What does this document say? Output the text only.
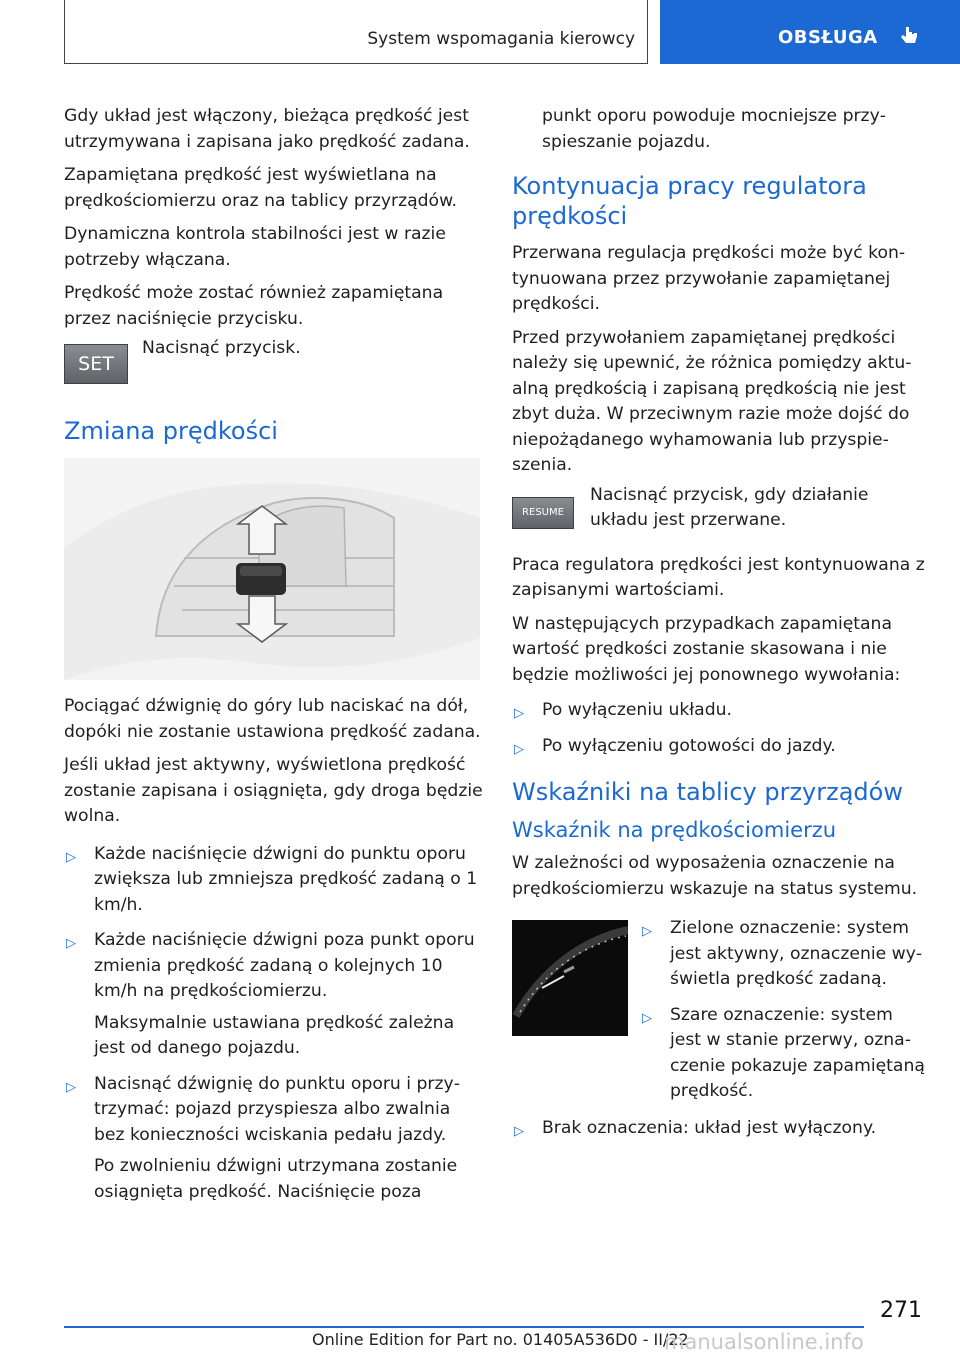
System wspomagania kierowcy	OBSŁUGA

Gdy układ jest włączony, bieżąca prędkość jest utrzymywana i zapisana jako prędkość zadana.

Zapamiętana prędkość jest wyświetlana na prędkościomierzu oraz na tablicy przyrządów.

Dynamiczna kontrola stabilności jest w razie potrzeby włączana.

Prędkość może zostać również zapamiętana przez naciśnięcie przycisku.

SET

Nacisnąć przycisk.

Zmiana prędkości

Pociągać dźwignię do góry lub naciskać na dół, dopóki nie zostanie ustawiona prędkość zadana.

Jeśli układ jest aktywny, wyświetlona prędkość zostanie zapisana i osiągnięta, gdy droga będzie wolna.

▷ Każde naciśnięcie dźwigni do punktu oporu zwiększa lub zmniejsza prędkość zadaną o 1 km/h.

▷ Każde naciśnięcie dźwigni poza punkt oporu zmienia prędkość zadaną o kolejnych 10 km/h na prędkościomierzu.

Maksymalnie ustawiana prędkość zależna jest od danego pojazdu.

▷ Nacisnąć dźwignię do punktu oporu i przytrzymać: pojazd przyspiesza albo zwalnia bez konieczności wciskania pedału jazdy.

Po zwolnieniu dźwigni utrzymana zostanie osiągnięta prędkość. Naciśnięcie poza

punkt oporu powoduje mocniejsze przyspieszanie pojazdu.

Kontynuacja pracy regulatora prędkości

Przerwana regulacja prędkości może być kontynuowana przez przywołanie zapamiętanej prędkości.

Przed przywołaniem zapamiętanej prędkości należy się upewnić, że różnica pomiędzy aktualną prędkością i zapisaną prędkością nie jest zbyt duża. W przeciwnym razie może dojść do niepożądanego wyhamowania lub przyspieszenia.

RESUME

Nacisnąć przycisk, gdy działanie układu jest przerwane.

Praca regulatora prędkości jest kontynuowana z zapisanymi wartościami.

W następujących przypadkach zapamiętana wartość prędkości zostanie skasowana i nie będzie możliwości jej ponownego wywołania:

▷ Po wyłączeniu układu.
▷ Po wyłączeniu gotowości do jazdy.
Wskaźniki na tablicy przyrządów
Wskaźnik na prędkościomierzu

W zależności od wyposażenia oznaczenie na prędkościomierzu wskazuje na status systemu.

▷ Zielone oznaczenie: system jest aktywny, oznaczenie wyświetla prędkość zadaną.
▷ Szare oznaczenie: system jest w stanie przerwy, oznaczenie pokazuje zapamiętaną prędkość.
▷ Brak oznaczenia: układ jest wyłączony.
271
Online Edition for Part no. 01405A536D0 - II/22
manualsonline.info
